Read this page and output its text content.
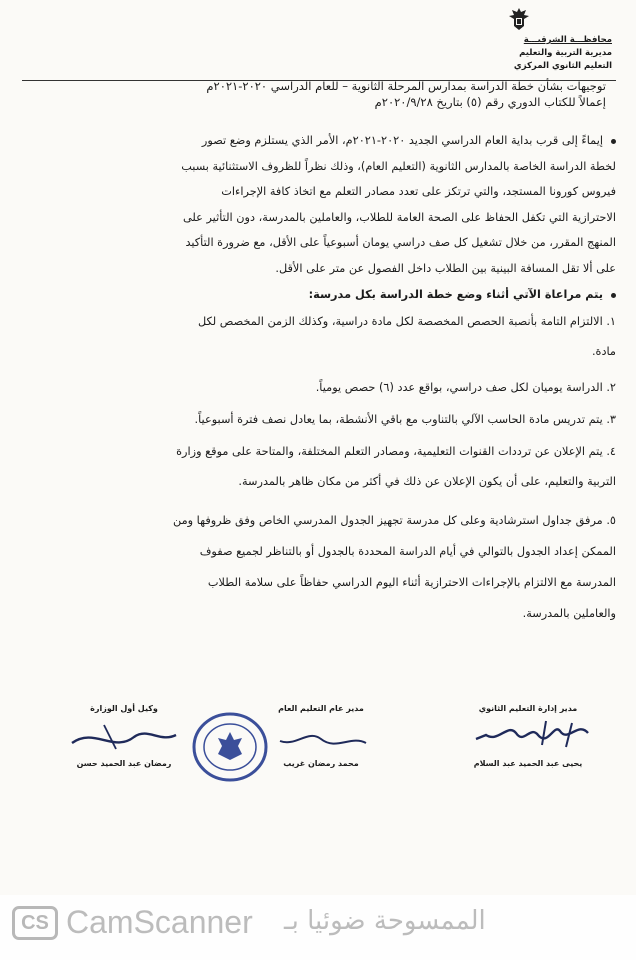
محافظـــة الشرقيـــة
مديرية التربية والتعليم
التعليم الثانوي المركزي
توجيهات بشأن خطة الدراسة بمدارس المرحلة الثانوية – للعام الدراسي ٢٠٢٠-٢٠٢١م
إعمالاً للكتاب الدوري رقم (٥) بتاريخ ٢٠٢٠/٩/٢٨م
إيماءً إلى قرب بداية العام الدراسي الجديد ٢٠٢٠-٢٠٢١م، الأمر الذي يستلزم وضع تصور
لخطة الدراسة الخاصة بالمدارس الثانوية (التعليم العام)، وذلك نظراً للظروف الاستثنائية بسبب
فيروس كورونا المستجد، والتي ترتكز على تعدد مصادر التعلم مع اتخاذ كافة الإجراءات
الاحترازية التي تكفل الحفاظ على الصحة العامة للطلاب، والعاملين بالمدرسة، دون التأثير على
المنهج المقرر، من خلال تشغيل كل صف دراسي يومان أسبوعياً على الأقل، مع ضرورة التأكيد
على ألا تقل المسافة البينية بين الطلاب داخل الفصول عن متر على الأقل.
يتم مراعاة الآتي أثناء وضع خطة الدراسة بكل مدرسة:
١. الالتزام التامة بأنصبة الحصص المخصصة لكل مادة دراسية، وكذلك الزمن المخصص لكل
مادة.
٢. الدراسة يوميان لكل صف دراسي، بواقع عدد (٦) حصص يومياً.
٣. يتم تدريس مادة الحاسب الآلي بالتناوب مع باقي الأنشطة، بما يعادل نصف فترة أسبوعياً.
٤. يتم الإعلان عن ترددات القنوات التعليمية، ومصادر التعلم المختلفة، والمتاحة على موقع وزارة
التربية والتعليم، على أن يكون الإعلان عن ذلك في أكثر من مكان ظاهر بالمدرسة.
٥. مرفق جداول استرشادية وعلى كل مدرسة تجهيز الجدول المدرسي الخاص وفق ظروفها ومن
الممكن إعداد الجدول بالتوالي في أيام الدراسة المحددة بالجدول أو بالتناظر لجميع صفوف
المدرسة مع الالتزام بالإجراءات الاحترازية أثناء اليوم الدراسي حفاظاً على سلامة الطلاب
والعاملين بالمدرسة.
مدير إدارة التعليم الثانوي
يحيى عبد الحميد عبد السلام
مدير عام التعليم العام
محمد رمضان غريب
وكيل أول الوزارة
رمضان عبد الحميد حسن
CS CamScanner الممسوحة ضوئيا بـ
